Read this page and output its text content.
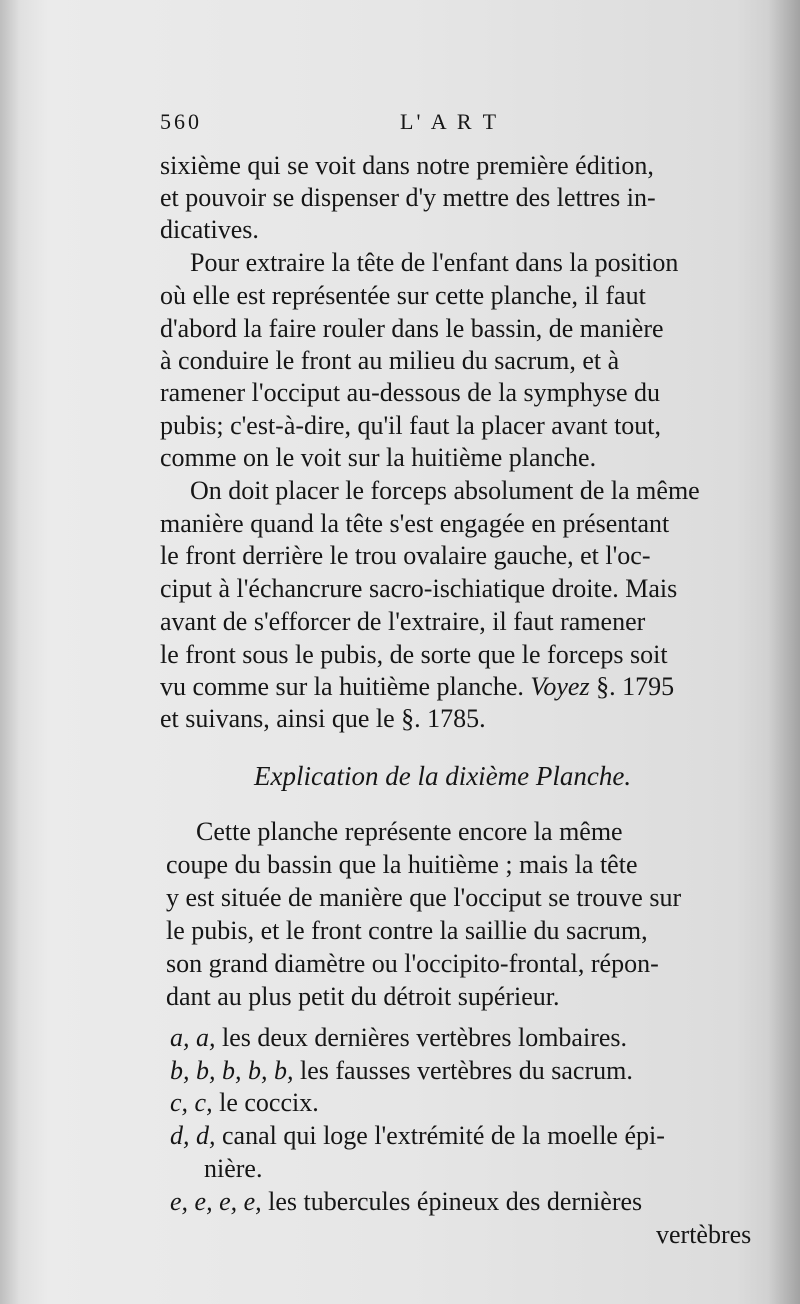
560	L' A R T
sixième qui se voit dans notre première édition,
et pouvoir se dispenser d'y mettre des lettres in-
dicatives.
Pour extraire la tête de l'enfant dans la position
où elle est représentée sur cette planche, il faut
d'abord la faire rouler dans le bassin, de manière
à conduire le front au milieu du sacrum, et à
ramener l'occiput au-dessous de la symphyse du
pubis; c'est-à-dire, qu'il faut la placer avant tout,
comme on le voit sur la huitième planche.
On doit placer le forceps absolument de la même
manière quand la tête s'est engagée en présentant
le front derrière le trou ovalaire gauche, et l'oc-
ciput à l'échancrure sacro-ischiatique droite. Mais
avant de s'efforcer de l'extraire, il faut ramener
le front sous le pubis, de sorte que le forceps soit
vu comme sur la huitième planche. Voyez §. 1795
et suivans, ainsi que le §. 1785.
Explication de la dixième Planche.
Cette planche représente encore la même
coupe du bassin que la huitième ; mais la tête
y est située de manière que l'occiput se trouve sur
le pubis, et le front contre la saillie du sacrum,
son grand diamètre ou l'occipito-frontal, répon-
dant au plus petit du détroit supérieur.
a, a, les deux dernières vertèbres lombaires.
b, b, b, b, b, les fausses vertèbres du sacrum.
c, c, le coccix.
d, d, canal qui loge l'extrémité de la moelle épi-
nière.
e, e, e, e, les tubercules épineux des dernières
vertèbres
